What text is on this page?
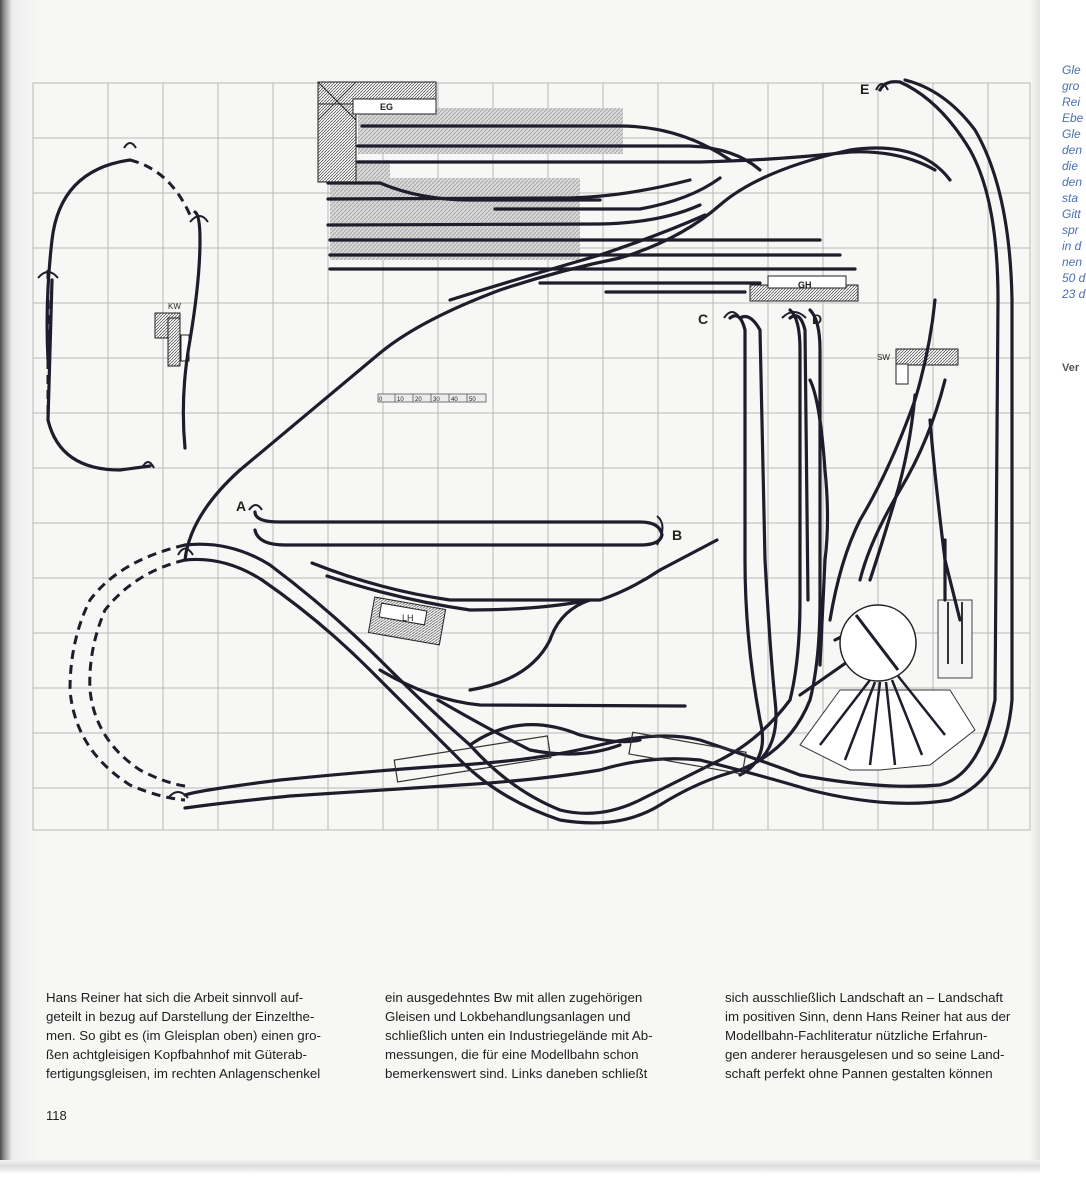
0 10 20 30 40 50
EG
GH
KW
SW
LH
A
B
C	D
E

Hans Reiner hat sich die Arbeit sinnvoll auf-

geteilt in bezug auf Darstellung der Einzelthe-

men. So gibt es (im Gleisplan oben) einen gro-

ßen achtgleisigen Kopfbahnhof mit Güterab-

fertigungsgleisen, im rechten Anlagenschenkel

ein ausgedehntes Bw mit allen zugehörigen

Gleisen und Lokbehandlungsanlagen und

schließlich unten ein Industriegelände mit Ab-

messungen, die für eine Modellbahn schon

bemerkenswert sind. Links daneben schließt

sich ausschließlich Landschaft an – Landschaft

im positiven Sinn, denn Hans Reiner hat aus der

Modellbahn-Fachliteratur nützliche Erfahrun-

gen anderer herausgelesen und so seine Land-

schaft perfekt ohne Pannen gestalten können

118
Gle
gro
Rei
Ebe
Gle
den
die
den
sta
Gitt
spr
in d
nen
50 d
23 d
Ver
